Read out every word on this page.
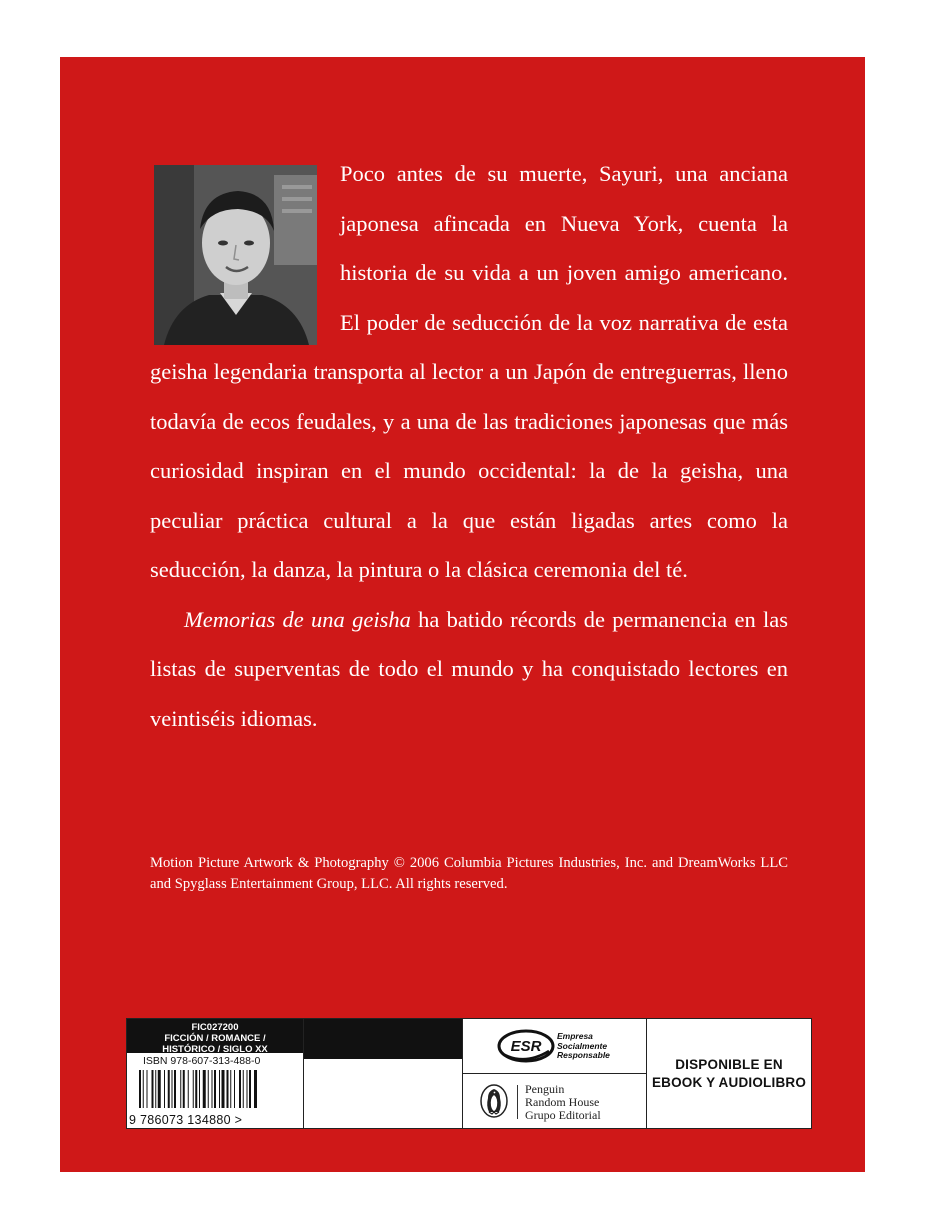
Poco antes de su muerte, Sayuri, una anciana japonesa afincada en Nueva York, cuenta la historia de su vida a un joven amigo americano. El poder de seducción de la voz narrativa de esta geisha legendaria transporta al lector a un Japón de entreguerras, lleno todavía de ecos feudales, y a una de las tradiciones japonesas que más curiosidad inspiran en el mundo occidental: la de la geisha, una peculiar práctica cultural a la que están ligadas artes como la seducción, la danza, la pintura o la clásica ceremonia del té.

Memorias de una geisha ha batido récords de permanencia en las listas de superventas de todo el mundo y ha conquistado lectores en veintiséis idiomas.

Motion Picture Artwork & Photography © 2006 Columbia Pictures Industries, Inc. and DreamWorks LLC and Spyglass Entertainment Group, LLC. All rights reserved.

FIC027200
FICCIÓN / ROMANCE /
HISTÓRICO / SIGLO XX
ISBN 978-607-313-488-0
9 786073 134880 >
ESR
Empresa
Socialmente
Responsable
Penguin
Random House
Grupo Editorial
DISPONIBLE EN
EBOOK Y AUDIOLIBRO
